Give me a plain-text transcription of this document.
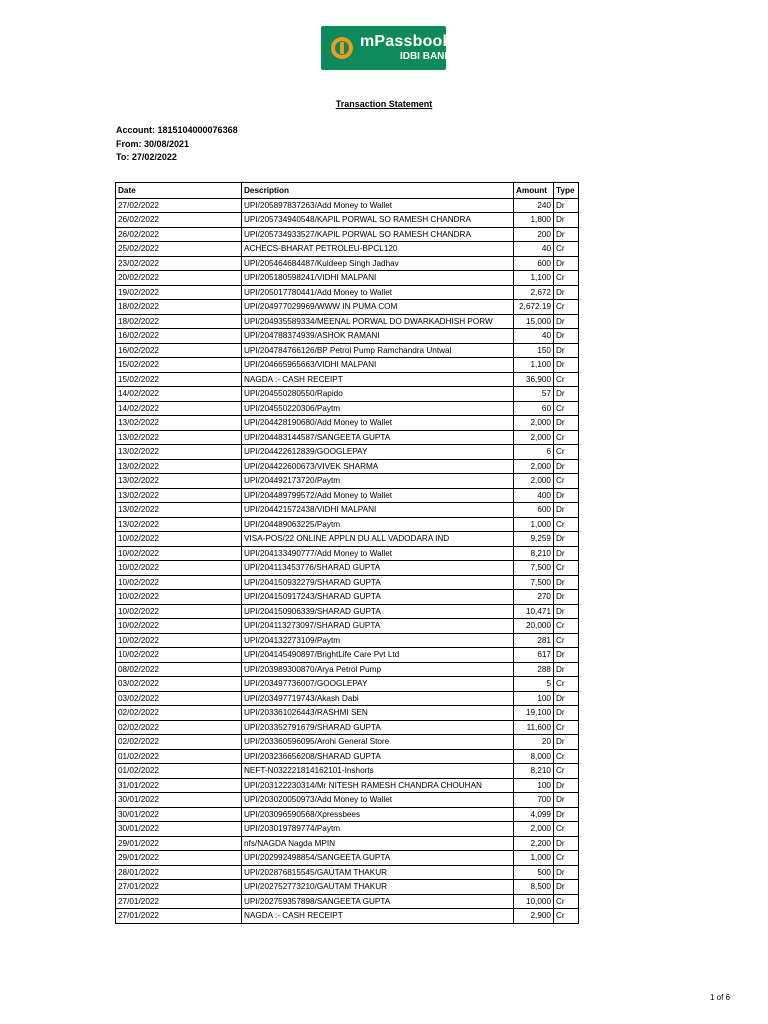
mPassbook
IDBI BANK
Transaction Statement
Account: 1815104000076368
From: 30/08/2021
To: 27/02/2022
Date	Description	Amount	Type
27/02/2022	UPI/205897837263/Add Money to Wallet	240	Dr
26/02/2022	UPI/205734940548/KAPIL PORWAL SO RAMESH CHANDRA	1,800	Dr
26/02/2022	UPI/205734933527/KAPIL PORWAL SO RAMESH CHANDRA	200	Dr
25/02/2022	ACHECS-BHARAT PETROLEU-BPCL120	40	Cr
23/02/2022	UPI/205464684487/Kuldeep Singh Jadhav	600	Dr
20/02/2022	UPI/205180598241/VIDHI MALPANI	1,100	Cr
19/02/2022	UPI/205017780441/Add Money to Wallet	2,672	Dr
18/02/2022	UPI/204977029969/WWW IN PUMA COM	2,672.19	Cr
18/02/2022	UPI/204935589334/MEENAL PORWAL DO DWARKADHISH PORW	15,000	Dr
16/02/2022	UPI/204788374939/ASHOK RAMANI	40	Dr
16/02/2022	UPI/204784766126/BP Petrol Pump Ramchandra Untwal	150	Dr
15/02/2022	UPI/204665965663/VIDHI MALPANI	1,100	Dr
15/02/2022	NAGDA :- CASH RECEIPT	36,900	Cr
14/02/2022	UPI/204550280550/Rapido	57	Dr
14/02/2022	UPI/204550220306/Paytm	60	Cr
13/02/2022	UPI/204428190680/Add Money to Wallet	2,000	Dr
13/02/2022	UPI/204483144587/SANGEETA GUPTA	2,000	Cr
13/02/2022	UPI/204422612839/GOOGLEPAY	6	Cr
13/02/2022	UPI/204422600673/VIVEK SHARMA	2,000	Dr
13/02/2022	UPI/204492173720/Paytm	2,000	Cr
13/02/2022	UPI/204489799572/Add Money to Wallet	400	Dr
13/02/2022	UPI/204421572438/VIDHI MALPANI	600	Dr
13/02/2022	UPI/204489063225/Paytm	1,000	Cr
10/02/2022	VISA-POS/22 ONLINE APPLN DU ALL VADODARA IND	9,259	Dr
10/02/2022	UPI/204133490777/Add Money to Wallet	8,210	Dr
10/02/2022	UPI/204113453776/SHARAD GUPTA	7,500	Cr
10/02/2022	UPI/204150932279/SHARAD GUPTA	7,500	Dr
10/02/2022	UPI/204150917243/SHARAD GUPTA	270	Dr
10/02/2022	UPI/204150906339/SHARAD GUPTA	10,471	Dr
10/02/2022	UPI/204113273097/SHARAD GUPTA	20,000	Cr
10/02/2022	UPI/204132273109/Paytm	281	Cr
10/02/2022	UPI/204145490897/BrightLife Care Pvt Ltd	617	Dr
08/02/2022	UPI/203989300870/Arya Petrol Pump	288	Dr
03/02/2022	UPI/203497736007/GOOGLEPAY	5	Cr
03/02/2022	UPI/203497719743/Akash Dabi	100	Dr
02/02/2022	UPI/203361026443/RASHMI SEN	19,100	Dr
02/02/2022	UPI/203352791679/SHARAD GUPTA	11,600	Cr
02/02/2022	UPI/203360596095/Arohi General Store	20	Dr
01/02/2022	UPI/203236656208/SHARAD GUPTA	8,000	Cr
01/02/2022	NEFT-N032221814162101-Inshorts	8,210	Cr
31/01/2022	UPI/203122230314/Mr NITESH RAMESH CHANDRA CHOUHAN	100	Dr
30/01/2022	UPI/203020050973/Add Money to Wallet	700	Dr
30/01/2022	UPI/203096590568/Xpressbees	4,099	Dr
30/01/2022	UPI/203019789774/Paytm	2,000	Cr
29/01/2022	nfs/NAGDA Nagda MPIN	2,200	Dr
29/01/2022	UPI/202992498854/SANGEETA GUPTA	1,000	Cr
28/01/2022	UPI/202876815545/GAUTAM THAKUR	500	Dr
27/01/2022	UPI/202752773210/GAUTAM THAKUR	8,500	Dr
27/01/2022	UPI/202759357898/SANGEETA GUPTA	10,000	Cr
27/01/2022	NAGDA :- CASH RECEIPT	2,900	Cr
1 of 6
